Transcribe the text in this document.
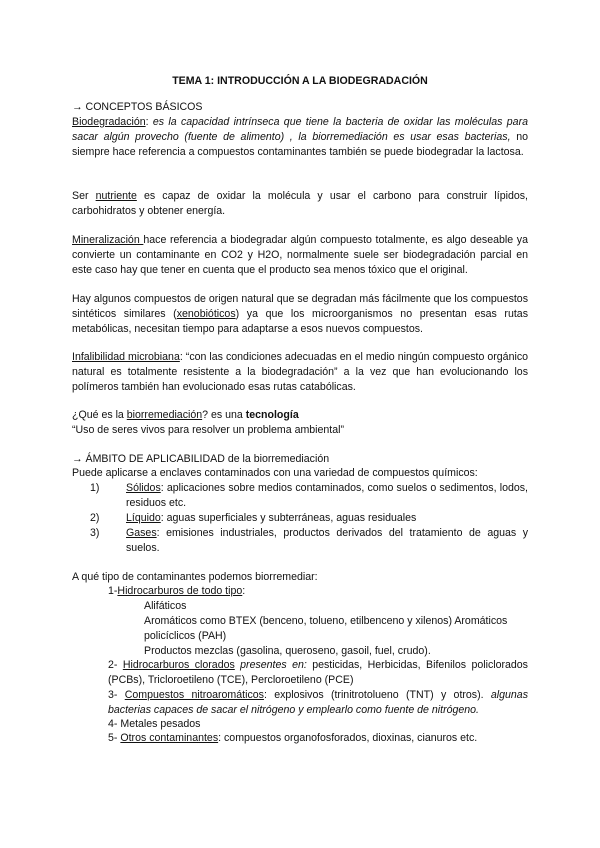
TEMA 1: INTRODUCCIÓN A LA BIODEGRADACIÓN
→ CONCEPTOS BÁSICOS
Biodegradación: es la capacidad intrínseca que tiene la bacteria de oxidar las moléculas para sacar algún provecho (fuente de alimento) , la biorremediación es usar esas bacterias, no siempre hace referencia a compuestos contaminantes también se puede biodegradar la lactosa.
Ser nutriente es capaz de oxidar la molécula y usar el carbono para construir lípidos, carbohidratos y obtener energía.
Mineralización hace referencia a biodegradar algún compuesto totalmente, es algo deseable ya convierte un contaminante en CO2 y H2O, normalmente suele ser biodegradación parcial en este caso hay que tener en cuenta que el producto sea menos tóxico que el original.
Hay algunos compuestos de origen natural que se degradan más fácilmente que los compuestos sintéticos similares (xenobióticos) ya que los microorganismos no presentan esas rutas metabólicas, necesitan tiempo para adaptarse a esos nuevos compuestos.
Infalibilidad microbiana: “con las condiciones adecuadas en el medio ningún compuesto orgánico natural es totalmente resistente a la biodegradación” a la vez que han evolucionando los polímeros también han evolucionado esas rutas catabólicas.
¿Qué es la biorremediación? es una tecnología
“Uso de seres vivos para resolver un problema ambiental”
→ ÁMBITO DE APLICABILIDAD de la biorremediación
Puede aplicarse a enclaves contaminados con una variedad de compuestos químicos:
1)	Sólidos: aplicaciones sobre medios contaminados, como suelos o sedimentos, lodos, residuos etc.
2)	Líquido: aguas superficiales y subterráneas, aguas residuales
3)	Gases: emisiones industriales, productos derivados del tratamiento de aguas y suelos.
A qué tipo de contaminantes podemos biorremediar:
1-Hidrocarburos de todo tipo:
Alifáticos
Aromáticos como BTEX (benceno, tolueno, etilbenceno y xilenos) Aromáticos policíclicos (PAH)
Productos mezclas (gasolina, queroseno, gasoil, fuel, crudo).
2- Hidrocarburos clorados presentes en: pesticidas, Herbicidas, Bifenilos policlorados (PCBs), Tricloroetileno (TCE), Percloroetileno (PCE)
3- Compuestos nitroaromáticos: explosivos (trinitrotolueno (TNT) y otros). algunas bacterias capaces de sacar el nitrógeno y emplearlo como fuente de nitrógeno.
4- Metales pesados
5- Otros contaminantes: compuestos organofosforados, dioxinas, cianuros etc.
